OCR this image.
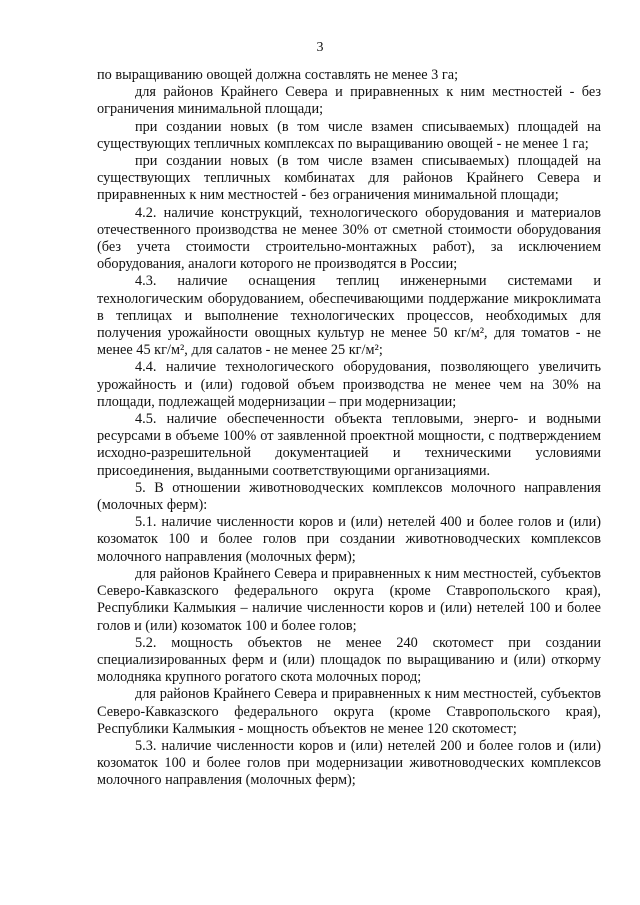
3

по выращиванию овощей должна составлять не менее 3 га;

для районов Крайнего Севера и приравненных к ним местностей - без ограничения минимальной площади;

при создании новых (в том числе взамен списываемых) площадей на существующих тепличных комплексах по выращиванию овощей - не менее 1 га;

при создании новых (в том числе взамен списываемых) площадей на существующих тепличных комбинатах для районов Крайнего Севера и приравненных к ним местностей - без ограничения минимальной площади;

4.2. наличие конструкций, технологического оборудования и материалов отечественного производства не менее 30% от сметной стоимости оборудования (без учета стоимости строительно-монтажных работ), за исключением оборудования, аналоги которого не производятся в России;

4.3. наличие оснащения теплиц инженерными системами и технологическим оборудованием, обеспечивающими поддержание микроклимата в теплицах и выполнение технологических процессов, необходимых для получения урожайности овощных культур не менее 50 кг/м², для томатов - не менее 45 кг/м², для салатов - не менее 25 кг/м²;

4.4. наличие технологического оборудования, позволяющего увеличить урожайность и (или) годовой объем производства не менее чем на 30% на площади, подлежащей модернизации – при модернизации;

4.5. наличие обеспеченности объекта тепловыми, энерго- и водными ресурсами в объеме 100% от заявленной проектной мощности, с подтверждением исходно-разрешительной документацией и техническими условиями присоединения, выданными соответствующими организациями.

5. В отношении животноводческих комплексов молочного направления (молочных ферм):

5.1. наличие численности коров и (или) нетелей 400 и более голов и (или) козоматок 100 и более голов при создании животноводческих комплексов молочного направления (молочных ферм);

для районов Крайнего Севера и приравненных к ним местностей, субъектов Северо-Кавказского федерального округа (кроме Ставропольского края), Республики Калмыкия – наличие численности коров и (или) нетелей 100 и более голов и (или) козоматок 100 и более голов;

5.2. мощность объектов не менее 240 скотомест при создании специализированных ферм и (или) площадок по выращиванию и (или) откорму молодняка крупного рогатого скота молочных пород;

для районов Крайнего Севера и приравненных к ним местностей, субъектов Северо-Кавказского федерального округа (кроме Ставропольского края), Республики Калмыкия - мощность объектов не менее 120 скотомест;

5.3. наличие численности коров и (или) нетелей 200 и более голов и (или) козоматок 100 и более голов при модернизации животноводческих комплексов молочного направления (молочных ферм);
